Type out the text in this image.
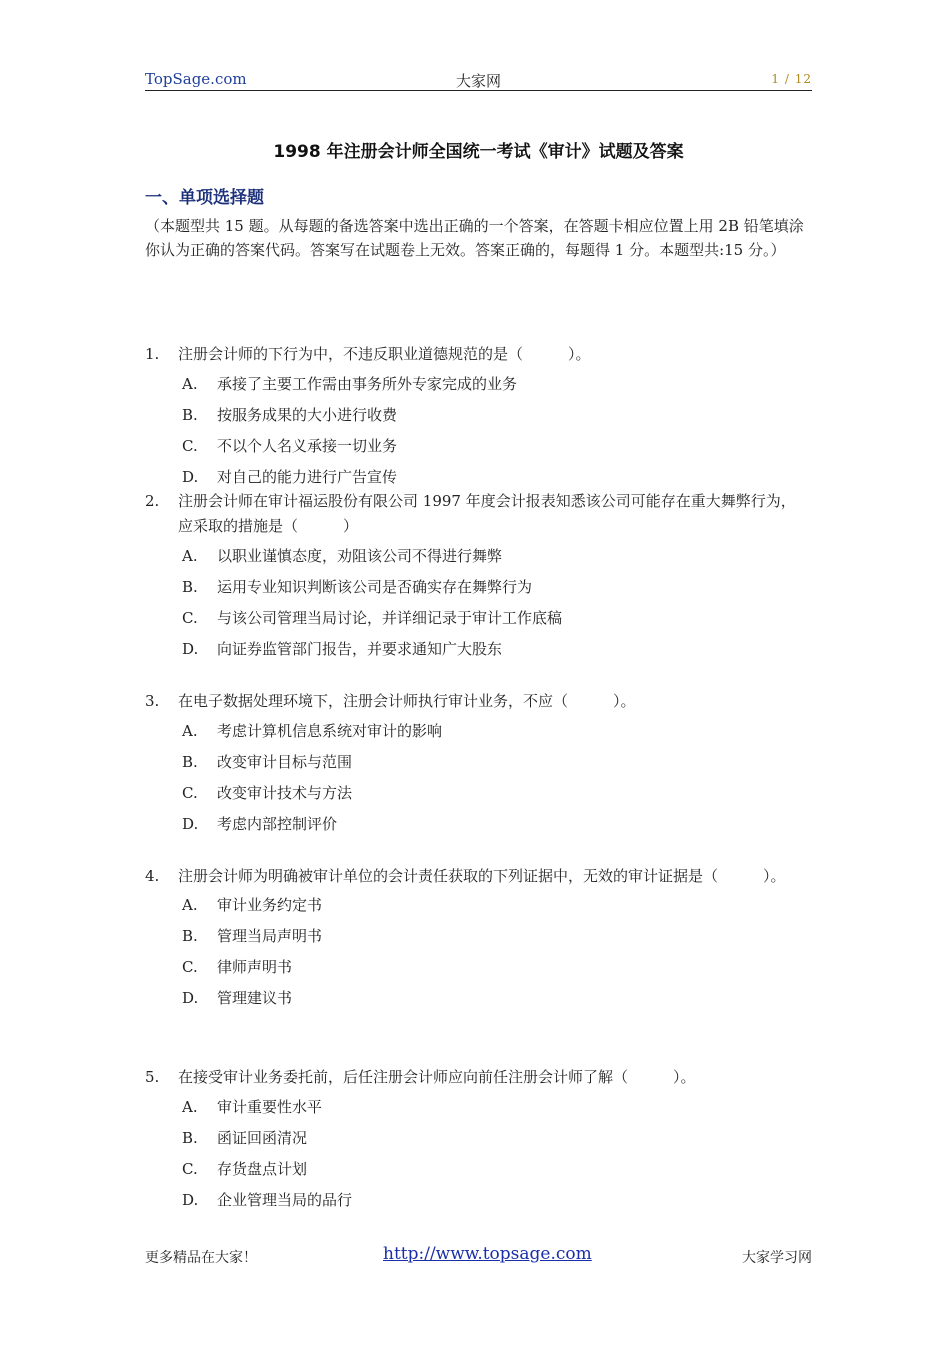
TopSage.com	大家网	1 / 12
1998 年注册会计师全国统一考试《审计》试题及答案
一、单项选择题
（本题型共 15 题。从每题的备选答案中选出正确的一个答案，在答题卡相应位置上用 2B 铅笔填涂你认为正确的答案代码。答案写在试题卷上无效。答案正确的，每题得 1 分。本题型共:15 分。）
1. 注册会计师的下行为中，不违反职业道德规范的是（　　　）。
A. 承接了主要工作需由事务所外专家完成的业务
B. 按服务成果的大小进行收费
C. 不以个人名义承接一切业务
D. 对自己的能力进行广告宣传
2. 注册会计师在审计福运股份有限公司 1997 年度会计报表知悉该公司可能存在重大舞弊行为，应采取的措施是（　　　）
A. 以职业谨慎态度，劝阻该公司不得进行舞弊
B. 运用专业知识判断该公司是否确实存在舞弊行为
C. 与该公司管理当局讨论，并详细记录于审计工作底稿
D. 向证券监管部门报告，并要求通知广大股东
3. 在电子数据处理环境下，注册会计师执行审计业务，不应（　　　）。
A. 考虑计算机信息系统对审计的影响
B. 改变审计目标与范围
C. 改变审计技术与方法
D. 考虑内部控制评价
4. 注册会计师为明确被审计单位的会计责任获取的下列证据中，无效的审计证据是（　　　）。
A. 审计业务约定书
B. 管理当局声明书
C. 律师声明书
D. 管理建议书
5. 在接受审计业务委托前，后任注册会计师应向前任注册会计师了解（　　　）。
A. 审计重要性水平
B. 函证回函清况
C. 存货盘点计划
D. 企业管理当局的品行
更多精品在大家！	http://www.topsage.com	大家学习网
